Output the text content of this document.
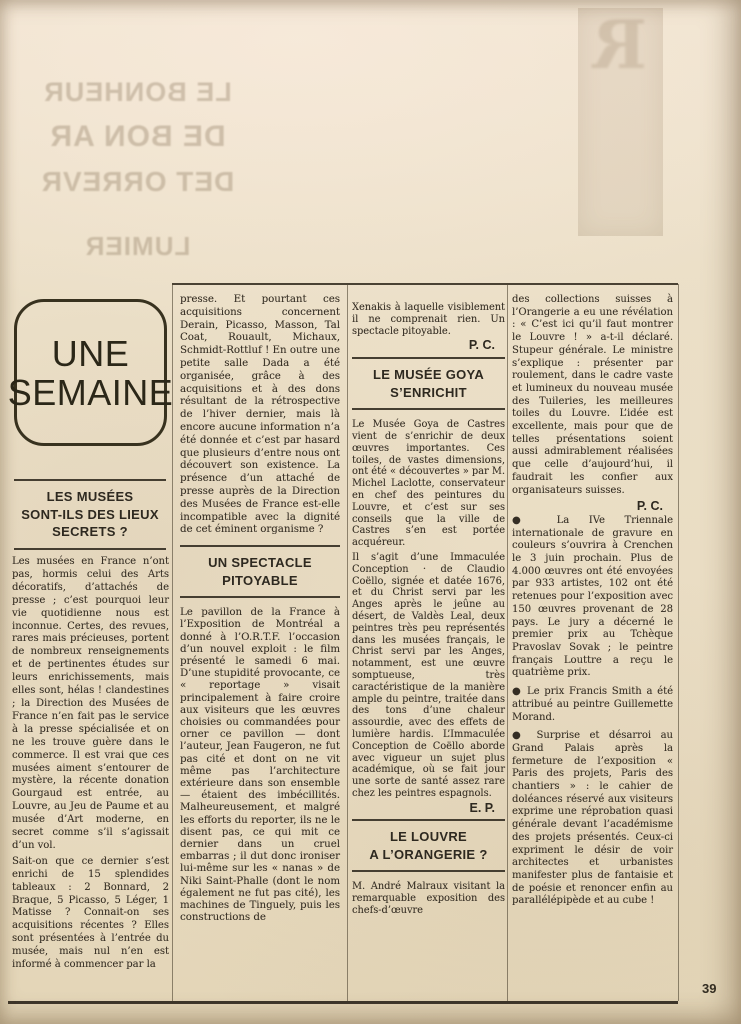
LE BONHEUR
DE BON AR
DET ORREVR
LUMIER
R
UNE
SEMAINE
LES MUSÉES
SONT-ILS DES LIEUX
SECRETS ?

Les musées en France n’ont pas, hormis celui des Arts décoratifs, d’attachés de presse ; c’est pourquoi leur vie quotidienne nous est inconnue. Certes, des revues, rares mais précieuses, portent de nombreux renseignements et de pertinentes études sur leurs enrichissements, mais elles sont, hélas ! clandestines ; la Direction des Musées de France n’en fait pas le service à la presse spécialisée et on ne les trouve guère dans le commerce. Il est vrai que ces musées aiment s’entourer de mystère, la récente donation Gourgaud est entrée, au Louvre, au Jeu de Paume et au musée d’Art moderne, en secret comme s’il s’agissait d’un vol.

Sait-on que ce dernier s’est enrichi de 15 splendides tableaux : 2 Bonnard, 2 Braque, 5 Picasso, 5 Léger, 1 Matisse ? Connait-on ses acquisitions récentes ? Elles sont présentées à l’entrée du musée, mais nul n’en est informé à commencer par la

presse. Et pourtant ces acquisitions concernent Derain, Picasso, Masson, Tal Coat, Rouault, Michaux, Schmidt-Rottluf ! En outre une petite salle Dada a été organisée, grâce à des acquisitions et à des dons résultant de la rétrospective de l’hiver dernier, mais là encore aucune information n’a été donnée et c’est par hasard que plusieurs d’entre nous ont découvert son existence. La présence d’un attaché de presse auprès de la Direction des Musées de France est-elle incompatible avec la dignité de cet éminent organisme ?

UN SPECTACLE
PITOYABLE

Le pavillon de la France à l’Exposition de Montréal a donné à l’O.R.T.F. l’occasion d’un nouvel exploit : le film présenté le samedi 6 mai. D’une stupidité provocante, ce « reportage » visait principalement à faire croire aux visiteurs que les œuvres choisies ou commandées pour orner ce pavillon — dont l’auteur, Jean Faugeron, ne fut pas cité et dont on ne vit même pas l’architecture extérieure dans son ensemble — étaient des imbécillités. Malheureusement, et malgré les efforts du reporter, ils ne le disent pas, ce qui mit ce dernier dans un cruel embarras ; il dut donc ironiser lui-même sur les « nanas » de Niki Saint-Phalle (dont le nom également ne fut pas cité), les machines de Tinguely, puis les constructions de

Xenakis à laquelle visiblement il ne comprenait rien. Un spectacle pitoyable.

P. C.
LE MUSÉE GOYA
S’ENRICHIT

Le Musée Goya de Castres vient de s’enrichir de deux œuvres importantes. Ces toiles, de vastes dimensions, ont été « découvertes » par M. Michel Laclotte, conservateur en chef des peintures du Louvre, et c’est sur ses conseils que la ville de Castres s’en est portée acquéreur.

Il s’agit d’une Immaculée Conception · de Claudio Coëllo, signée et datée 1676, et du Christ servi par les Anges après le jeûne au désert, de Valdès Leal, deux peintres très peu représentés dans les musées français, le Christ servi par les Anges, notamment, est une œuvre somptueuse, très caractéristique de la manière ample du peintre, traitée dans des tons d’une chaleur assourdie, avec des effets de lumière hardis. L’Immaculée Conception de Coëllo aborde avec vigueur un sujet plus académique, où se fait jour une sorte de santé assez rare chez les peintres espagnols.

E. P.
LE LOUVRE
A L’ORANGERIE ?

M. André Malraux visitant la remarquable exposition des chefs-d’œuvre

des collections suisses à l’Orangerie a eu une révélation : « C’est ici qu’il faut montrer le Louvre ! » a-t-il déclaré. Stupeur générale. Le ministre s’explique : présenter par roulement, dans le cadre vaste et lumineux du nouveau musée des Tuileries, les meilleures toiles du Louvre. L’idée est excellente, mais pour que de telles présentations soient aussi admirablement réalisées que celle d’aujourd’hui, il faudrait les confier aux organisateurs suisses.

P. C.

● La IVe Triennale internationale de gravure en couleurs s’ouvrira à Crenchen le 3 juin prochain. Plus de 4.000 œuvres ont été envoyées par 933 artistes, 102 ont été retenues pour l’exposition avec 150 œuvres provenant de 28 pays. Le jury a décerné le premier prix au Tchèque Pravoslav Sovak ; le peintre français Louttre a reçu le quatrième prix.

● Le prix Francis Smith a été attribué au peintre Guillemette Morand.

● Surprise et désarroi au Grand Palais après la fermeture de l’exposition « Paris des projets, Paris des chantiers » : le cahier de doléances réservé aux visiteurs exprime une réprobation quasi générale devant l’académisme des projets présentés. Ceux-ci expriment le désir de voir architectes et urbanistes manifester plus de fantaisie et de poésie et renoncer enfin au parallélépipède et au cube !

39
